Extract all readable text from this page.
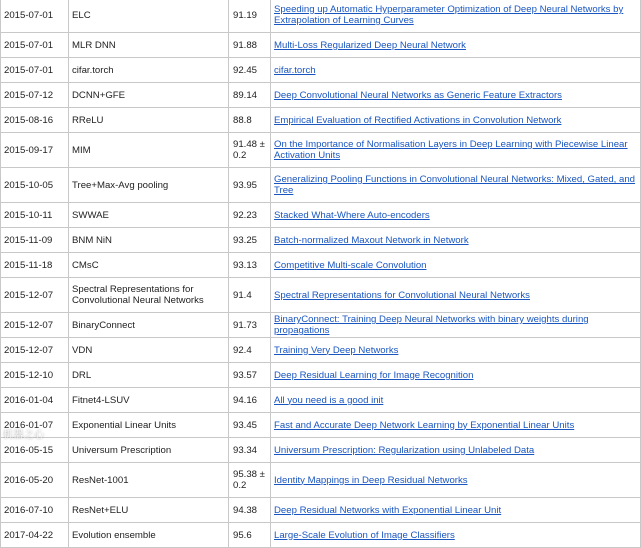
2015-07-01	ELC	91.19	Speeding up Automatic Hyperparameter Optimization of Deep Neural Networks by Extrapolation of Learning Curves
2015-07-01	MLR DNN	91.88	Multi-Loss Regularized Deep Neural Network
2015-07-01	cifar.torch	92.45	cifar.torch
2015-07-12	DCNN+GFE	89.14	Deep Convolutional Neural Networks as Generic Feature Extractors
2015-08-16	RReLU	88.8	Empirical Evaluation of Rectified Activations in Convolution Network
2015-09-17	MIM	91.48 ± 0.2	On the Importance of Normalisation Layers in Deep Learning with Piecewise Linear Activation Units
2015-10-05	Tree+Max-Avg pooling	93.95	Generalizing Pooling Functions in Convolutional Neural Networks: Mixed, Gated, and Tree
2015-10-11	SWWAE	92.23	Stacked What-Where Auto-encoders
2015-11-09	BNM NiN	93.25	Batch-normalized Maxout Network in Network
2015-11-18	CMsC	93.13	Competitive Multi-scale Convolution
2015-12-07	Spectral Representations for Convolutional Neural Networks	91.4	Spectral Representations for Convolutional Neural Networks
2015-12-07	BinaryConnect	91.73	BinaryConnect: Training Deep Neural Networks with binary weights during propagations
2015-12-07	VDN	92.4	Training Very Deep Networks
2015-12-10	DRL	93.57	Deep Residual Learning for Image Recognition
2016-01-04	Fitnet4-LSUV	94.16	All you need is a good init
2016-01-07	Exponential Linear Units	93.45	Fast and Accurate Deep Network Learning by Exponential Linear Units
2016-05-15	Universum Prescription	93.34	Universum Prescription: Regularization using Unlabeled Data
2016-05-20	ResNet-1001	95.38 ± 0.2	Identity Mappings in Deep Residual Networks
2016-07-10	ResNet+ELU	94.38	Deep Residual Networks with Exponential Linear Unit
2017-04-22	Evolution ensemble	95.6	Large-Scale Evolution of Image Classifiers
机器之心
